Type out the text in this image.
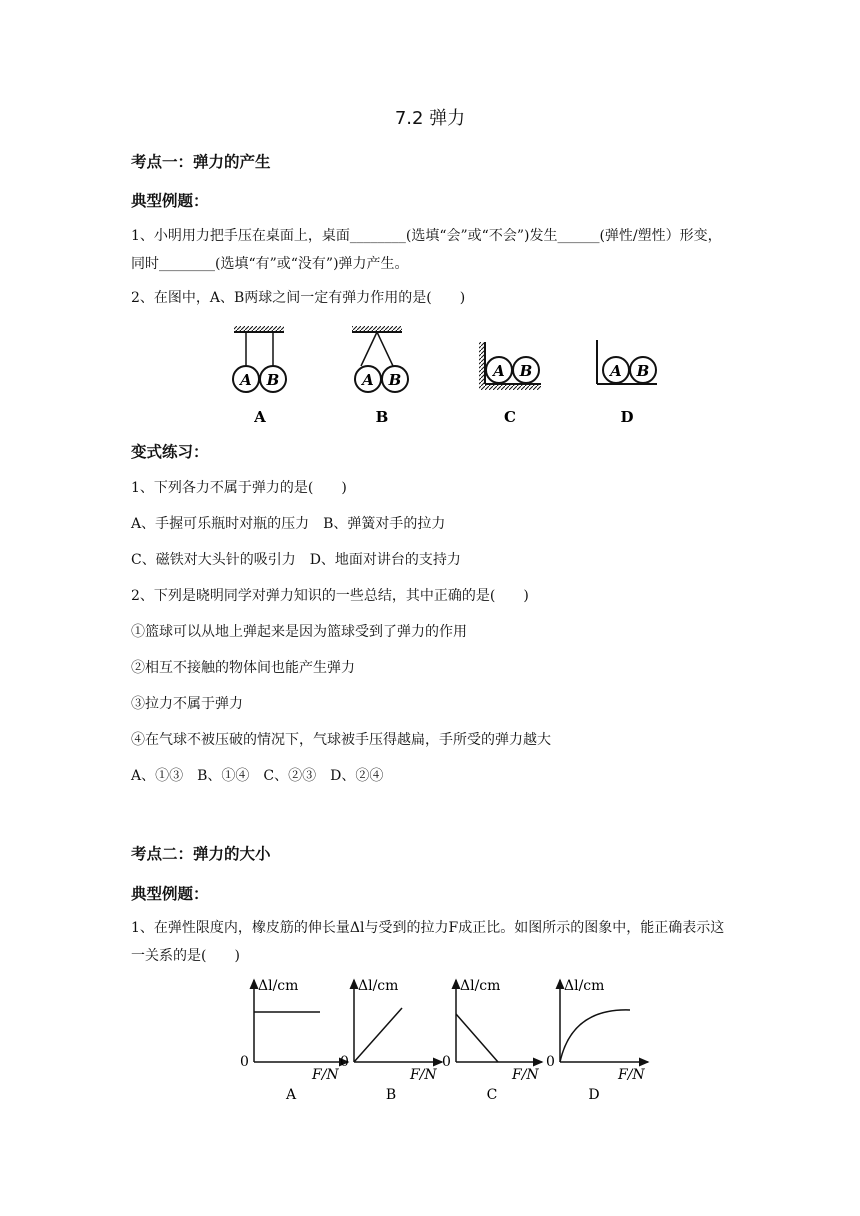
7.2 弹力
考点一：弹力的产生
典型例题：
1、小明用力把手压在桌面上，桌面________(选填“会”或“不会”)发生______(弹性/塑性）形变，同时________(选填“有”或“没有”)弹力产生。
2、在图中，A、B两球之间一定有弹力作用的是(　　)
A B
A
A B
B
A B
C
A B
D
变式练习：
1、下列各力不属于弹力的是(　　)
A、手握可乐瓶时对瓶的压力　B、弹簧对手的拉力
C、磁铁对大头针的吸引力　D、地面对讲台的支持力
2、下列是晓明同学对弹力知识的一些总结，其中正确的是(　　)
①篮球可以从地上弹起来是因为篮球受到了弹力的作用
②相互不接触的物体间也能产生弹力
③拉力不属于弹力
④在气球不被压破的情况下，气球被手压得越扁，手所受的弹力越大
A、①③　B、①④　C、②③　D、②④
考点二：弹力的大小
典型例题：
1、在弹性限度内，橡皮筋的伸长量Δl与受到的拉力F成正比。如图所示的图象中，能正确表示这一关系的是(　　)
Δl/cm
0
F/N
A
Δl/cm
0
F/N
B
Δl/cm
0
F/N
C
Δl/cm
0
F/N
D
